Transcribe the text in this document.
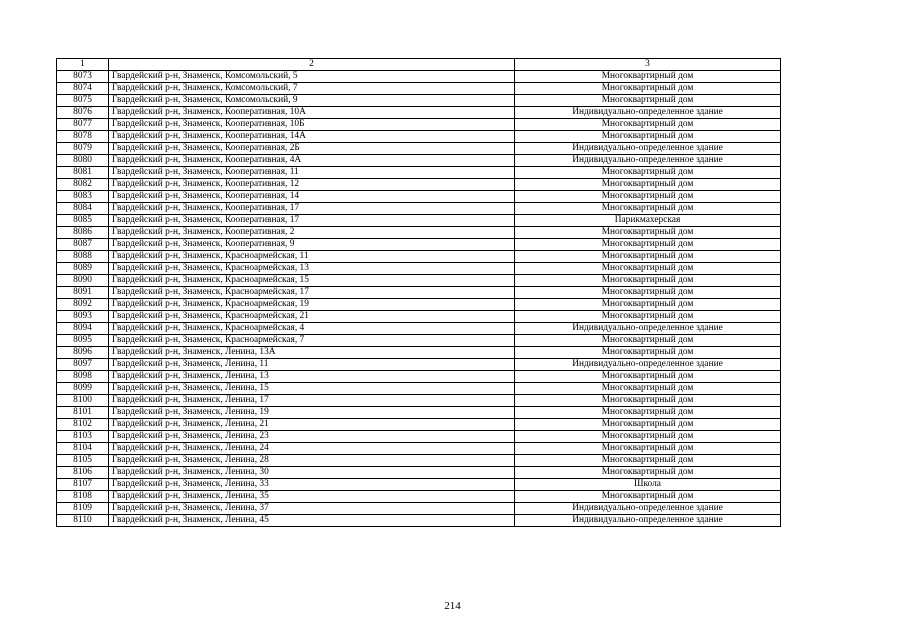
1	2	3
8073	Гвардейский р-н, Знаменск, Комсомольский, 5	Многоквартирный дом
8074	Гвардейский р-н, Знаменск, Комсомольский, 7	Многоквартирный дом
8075	Гвардейский р-н, Знаменск, Комсомольский, 9	Многоквартирный дом
8076	Гвардейский р-н, Знаменск, Кооперативная, 10А	Индивидуально-определенное здание
8077	Гвардейский р-н, Знаменск, Кооперативная, 10Б	Многоквартирный дом
8078	Гвардейский р-н, Знаменск, Кооперативная, 14А	Многоквартирный дом
8079	Гвардейский р-н, Знаменск, Кооперативная, 2Б	Индивидуально-определенное здание
8080	Гвардейский р-н, Знаменск, Кооперативная, 4А	Индивидуально-определенное здание
8081	Гвардейский р-н, Знаменск, Кооперативная, 11	Многоквартирный дом
8082	Гвардейский р-н, Знаменск, Кооперативная, 12	Многоквартирный дом
8083	Гвардейский р-н, Знаменск, Кооперативная, 14	Многоквартирный дом
8084	Гвардейский р-н, Знаменск, Кооперативная, 17	Многоквартирный дом
8085	Гвардейский р-н, Знаменск, Кооперативная, 17	Парикмахерская
8086	Гвардейский р-н, Знаменск, Кооперативная, 2	Многоквартирный дом
8087	Гвардейский р-н, Знаменск, Кооперативная, 9	Многоквартирный дом
8088	Гвардейский р-н, Знаменск, Красноармейская, 11	Многоквартирный дом
8089	Гвардейский р-н, Знаменск, Красноармейская, 13	Многоквартирный дом
8090	Гвардейский р-н, Знаменск, Красноармейская, 15	Многоквартирный дом
8091	Гвардейский р-н, Знаменск, Красноармейская, 17	Многоквартирный дом
8092	Гвардейский р-н, Знаменск, Красноармейская, 19	Многоквартирный дом
8093	Гвардейский р-н, Знаменск, Красноармейская, 21	Многоквартирный дом
8094	Гвардейский р-н, Знаменск, Красноармейская, 4	Индивидуально-определенное здание
8095	Гвардейский р-н, Знаменск, Красноармейская, 7	Многоквартирный дом
8096	Гвардейский р-н, Знаменск, Ленина, 13А	Многоквартирный дом
8097	Гвардейский р-н, Знаменск, Ленина, 11	Индивидуально-определенное здание
8098	Гвардейский р-н, Знаменск, Ленина, 13	Многоквартирный дом
8099	Гвардейский р-н, Знаменск, Ленина, 15	Многоквартирный дом
8100	Гвардейский р-н, Знаменск, Ленина, 17	Многоквартирный дом
8101	Гвардейский р-н, Знаменск, Ленина, 19	Многоквартирный дом
8102	Гвардейский р-н, Знаменск, Ленина, 21	Многоквартирный дом
8103	Гвардейский р-н, Знаменск, Ленина, 23	Многоквартирный дом
8104	Гвардейский р-н, Знаменск, Ленина, 24	Многоквартирный дом
8105	Гвардейский р-н, Знаменск, Ленина, 28	Многоквартирный дом
8106	Гвардейский р-н, Знаменск, Ленина, 30	Многоквартирный дом
8107	Гвардейский р-н, Знаменск, Ленина, 33	Школа
8108	Гвардейский р-н, Знаменск, Ленина, 35	Многоквартирный дом
8109	Гвардейский р-н, Знаменск, Ленина, 37	Индивидуально-определенное здание
8110	Гвардейский р-н, Знаменск, Ленина, 45	Индивидуально-определенное здание
214
